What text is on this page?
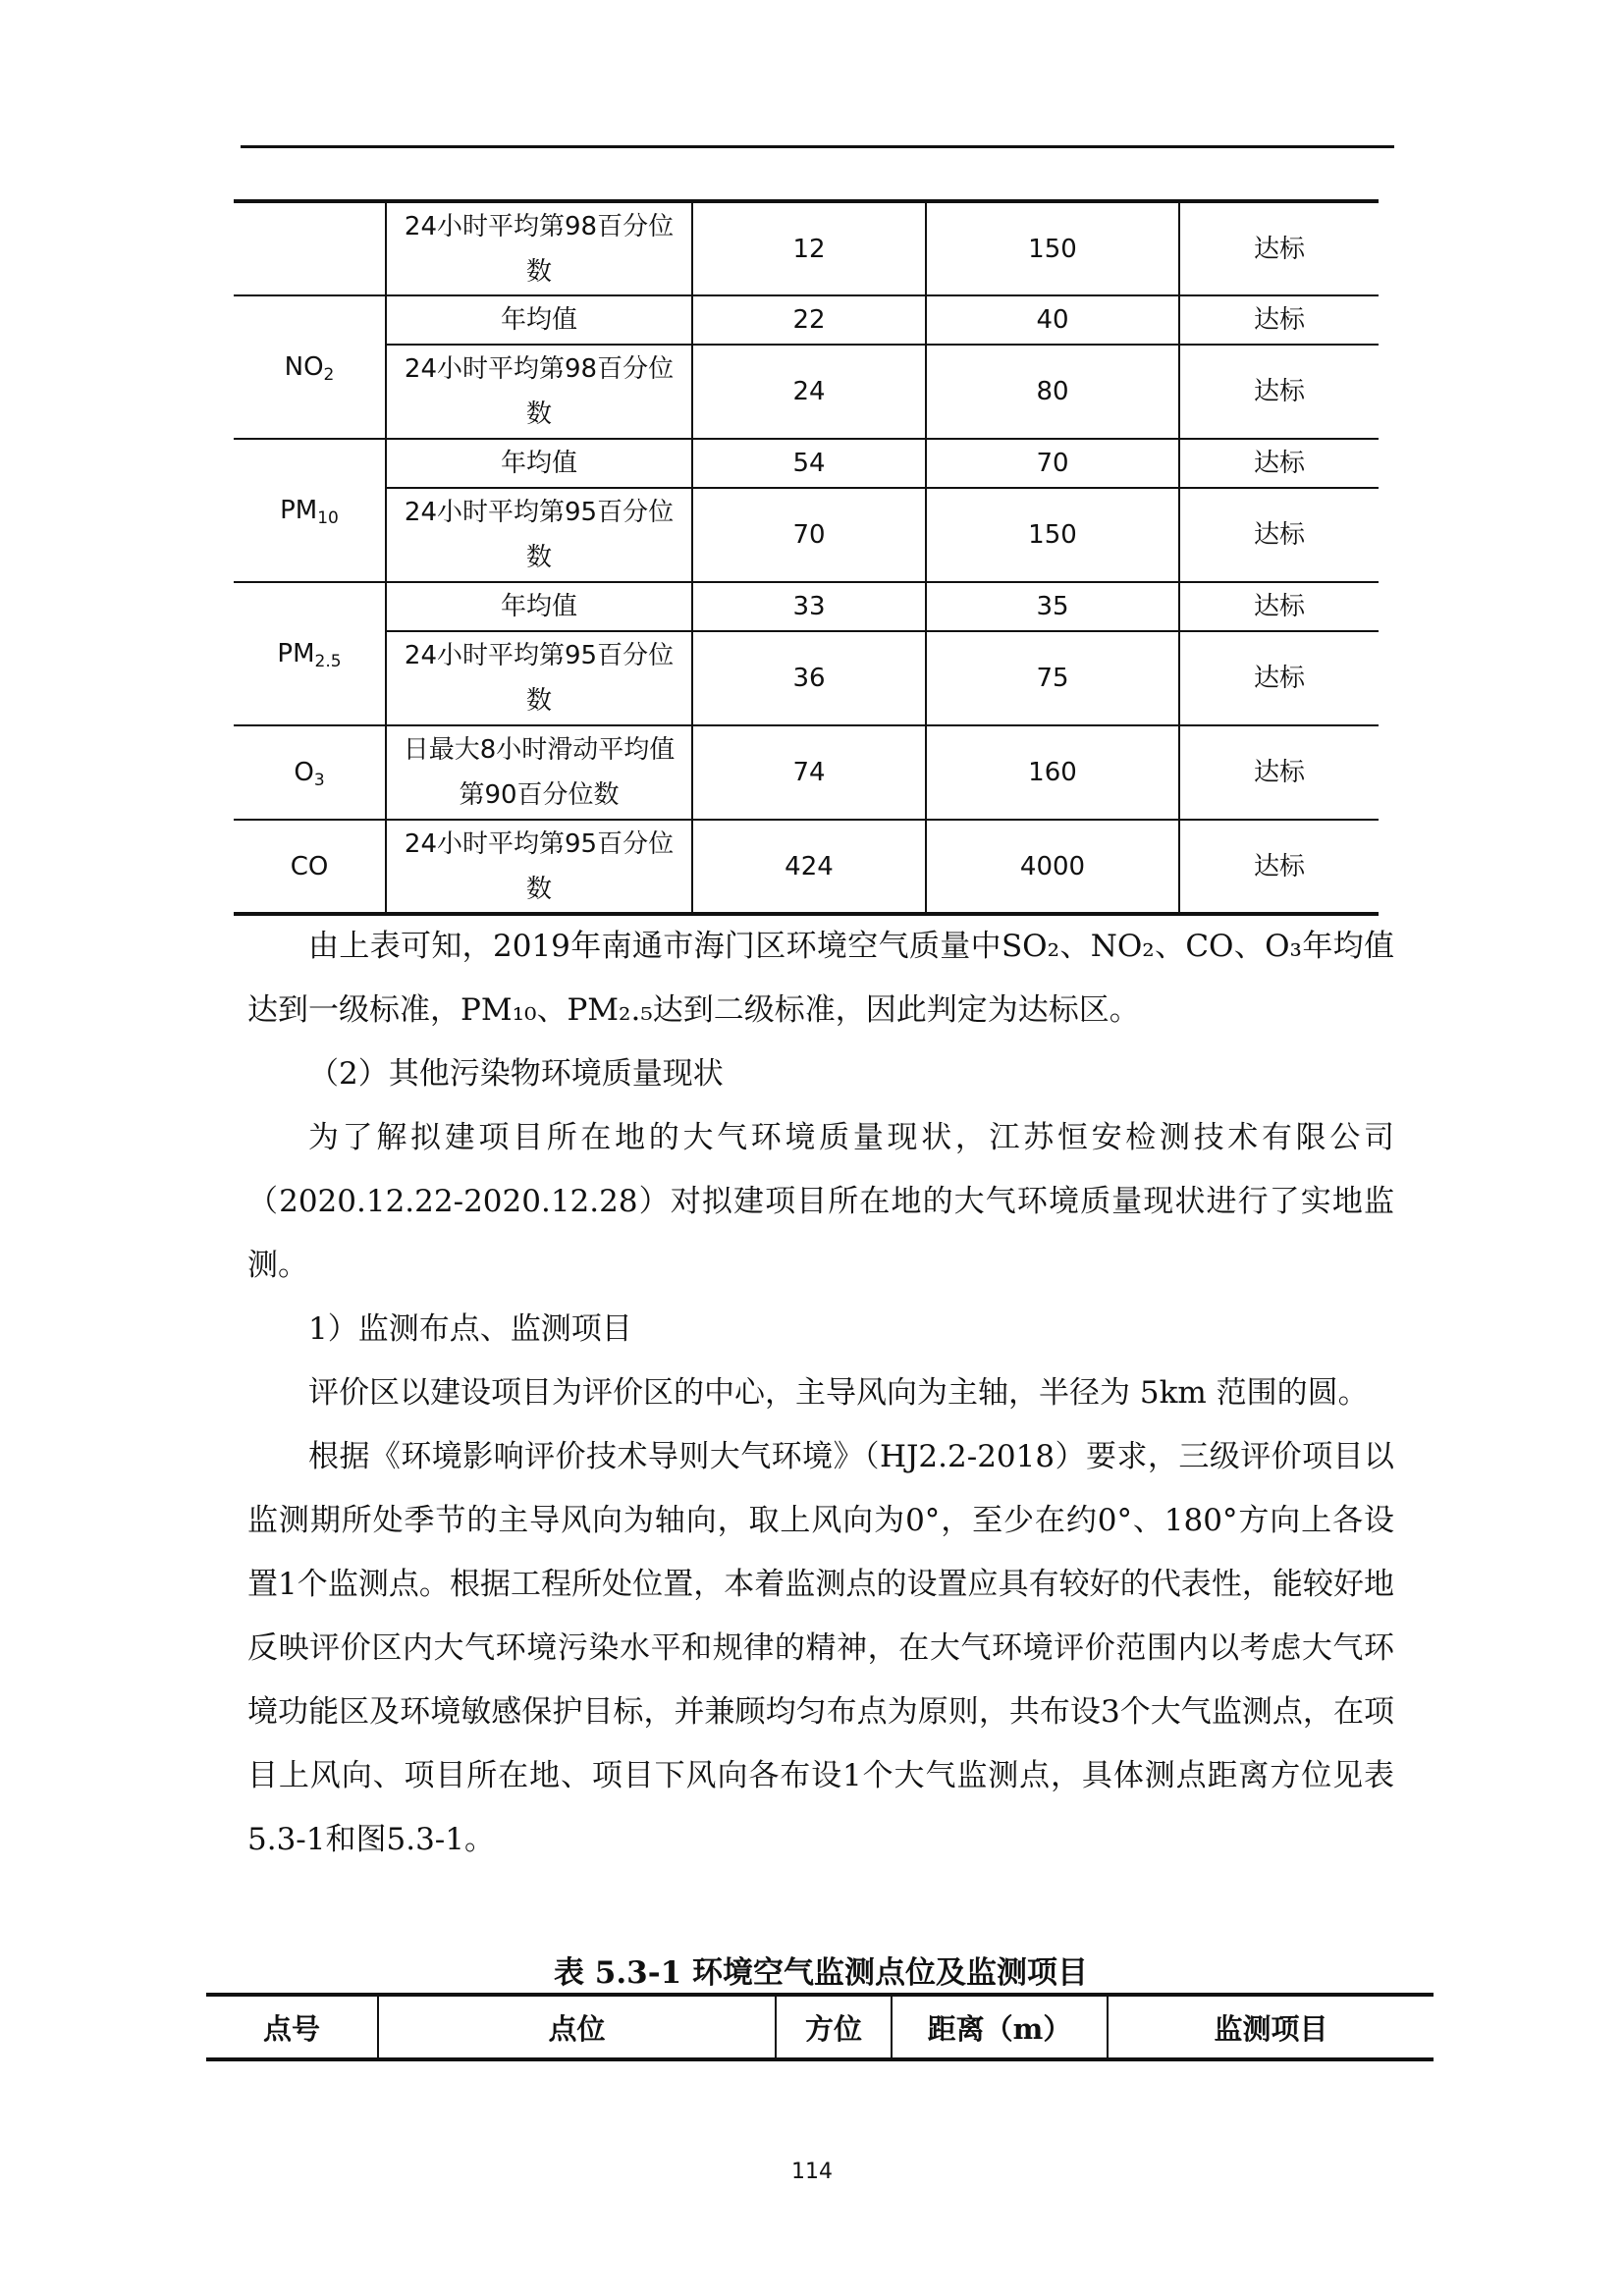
	24小时平均第98百分位数	12	150	达标
$NO_2$	年均值	22	40	达标
	24小时平均第98百分位数	24	80	达标
$PM_{10}$	年均值	54	70	达标
	24小时平均第95百分位数	70	150	达标
$PM_{2.5}$	年均值	33	35	达标
	24小时平均第95百分位数	36	75	达标
$O_3$	日最大8小时滑动平均值第90百分位数	74	160	达标
CO	24小时平均第95百分位数	424	4000	达标

由上表可知，2019年南通市海门区环境空气质量中SO₂、NO₂、CO、O₃年均值达到一级标准，PM₁₀、PM₂.₅达到二级标准，因此判定为达标区。

（2）其他污染物环境质量现状

为了解拟建项目所在地的大气环境质量现状，江苏恒安检测技术有限公司（2020.12.22-2020.12.28）对拟建项目所在地的大气环境质量现状进行了实地监测。

1）监测布点、监测项目

评价区以建设项目为评价区的中心，主导风向为主轴，半径为 5km 范围的圆。

根据《环境影响评价技术导则大气环境》（HJ2.2-2018）要求，三级评价项目以监测期所处季节的主导风向为轴向，取上风向为0°，至少在约0°、180°方向上各设置1个监测点。根据工程所处位置，本着监测点的设置应具有较好的代表性，能较好地反映评价区内大气环境污染水平和规律的精神，在大气环境评价范围内以考虑大气环境功能区及环境敏感保护目标，并兼顾均匀布点为原则，共布设3个大气监测点，在项目上风向、项目所在地、项目下风向各布设1个大气监测点，具体测点距离方位见表5.3-1和图5.3-1。

表 5.3-1 环境空气监测点位及监测项目
点号	点位	方位	距离（m）	监测项目
114
